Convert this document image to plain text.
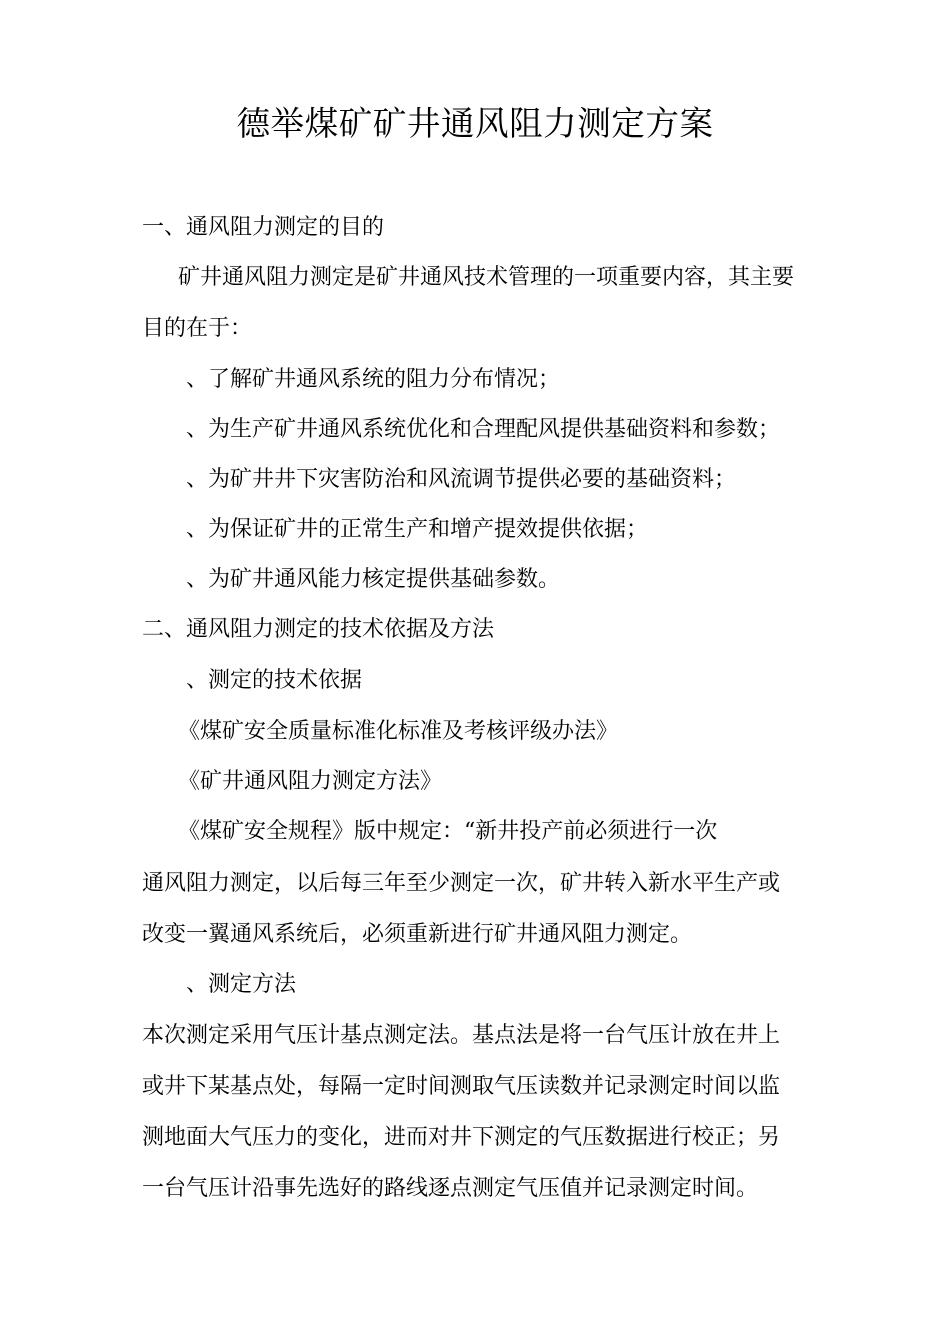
德举煤矿矿井通风阻力测定方案
一、通风阻力测定的目的
矿井通风阻力测定是矿井通风技术管理的一项重要内容，其主要
目的在于：
、了解矿井通风系统的阻力分布情况；
、为生产矿井通风系统优化和合理配风提供基础资料和参数；
、为矿井井下灾害防治和风流调节提供必要的基础资料；
、为保证矿井的正常生产和增产提效提供依据；
、为矿井通风能力核定提供基础参数。
二、通风阻力测定的技术依据及方法
、测定的技术依据
《煤矿安全质量标准化标准及考核评级办法》
《矿井通风阻力测定方法》
《煤矿安全规程》版中规定：“新井投产前必须进行一次
通风阻力测定，以后每三年至少测定一次，矿井转入新水平生产或
改变一翼通风系统后，必须重新进行矿井通风阻力测定。
、测定方法
本次测定采用气压计基点测定法。基点法是将一台气压计放在井上
或井下某基点处，每隔一定时间测取气压读数并记录测定时间以监
测地面大气压力的变化，进而对井下测定的气压数据进行校正；另
一台气压计沿事先选好的路线逐点测定气压值并记录测定时间。
